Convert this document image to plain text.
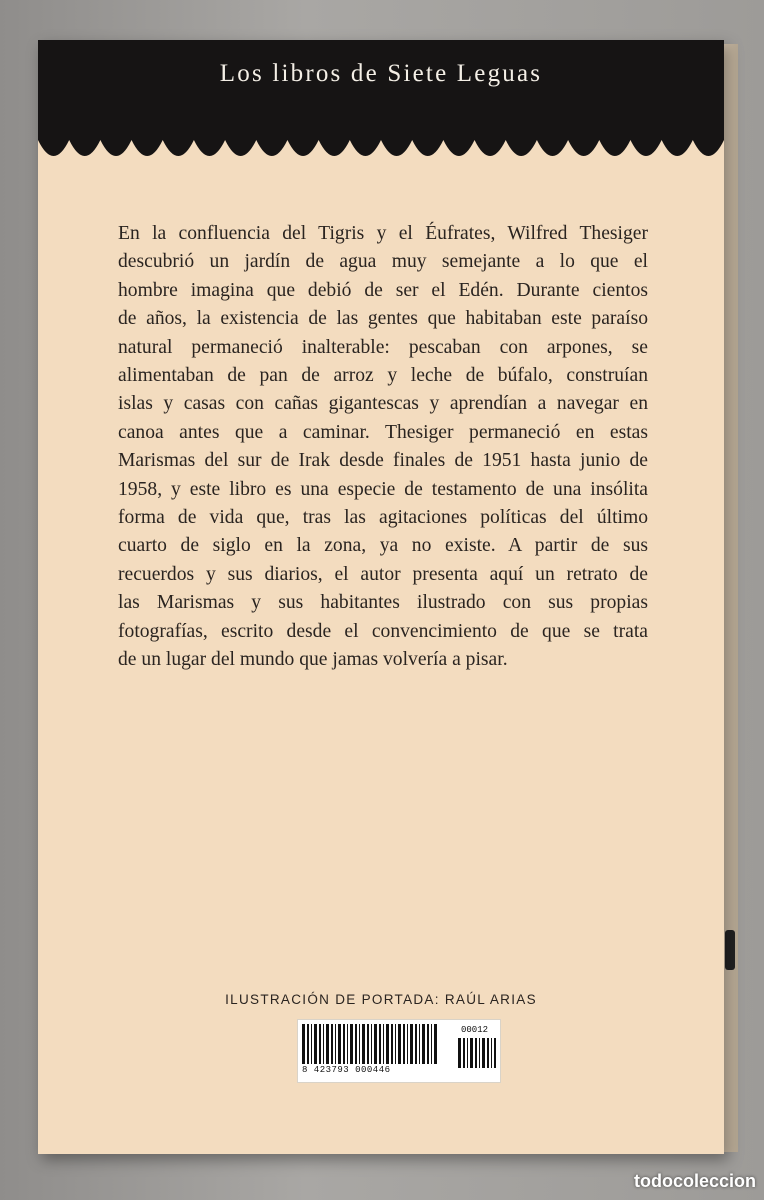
Los libros de Siete Leguas

En la confluencia del Tigris y el Éufrates, Wilfred Thesiger
descubrió un jardín de agua muy semejante a lo que el
hombre imagina que debió de ser el Edén. Durante cientos
de años, la existencia de las gentes que habitaban este paraíso
natural permaneció inalterable: pescaban con arpones, se
alimentaban de pan de arroz y leche de búfalo, construían
islas y casas con cañas gigantescas y aprendían a navegar en
canoa antes que a caminar. Thesiger permaneció en estas
Marismas del sur de Irak desde finales de 1951 hasta junio de
1958, y este libro es una especie de testamento de una insólita
forma de vida que, tras las agitaciones políticas del último
cuarto de siglo en la zona, ya no existe. A partir de sus
recuerdos y sus diarios, el autor presenta aquí un retrato de
las Marismas y sus habitantes ilustrado con sus propias
fotografías, escrito desde el convencimiento de que se trata
de un lugar del mundo que jamas volvería a pisar.

ILUSTRACIÓN DE PORTADA: RAÚL ARIAS
8 423793 000446
00012
todocoleccion
